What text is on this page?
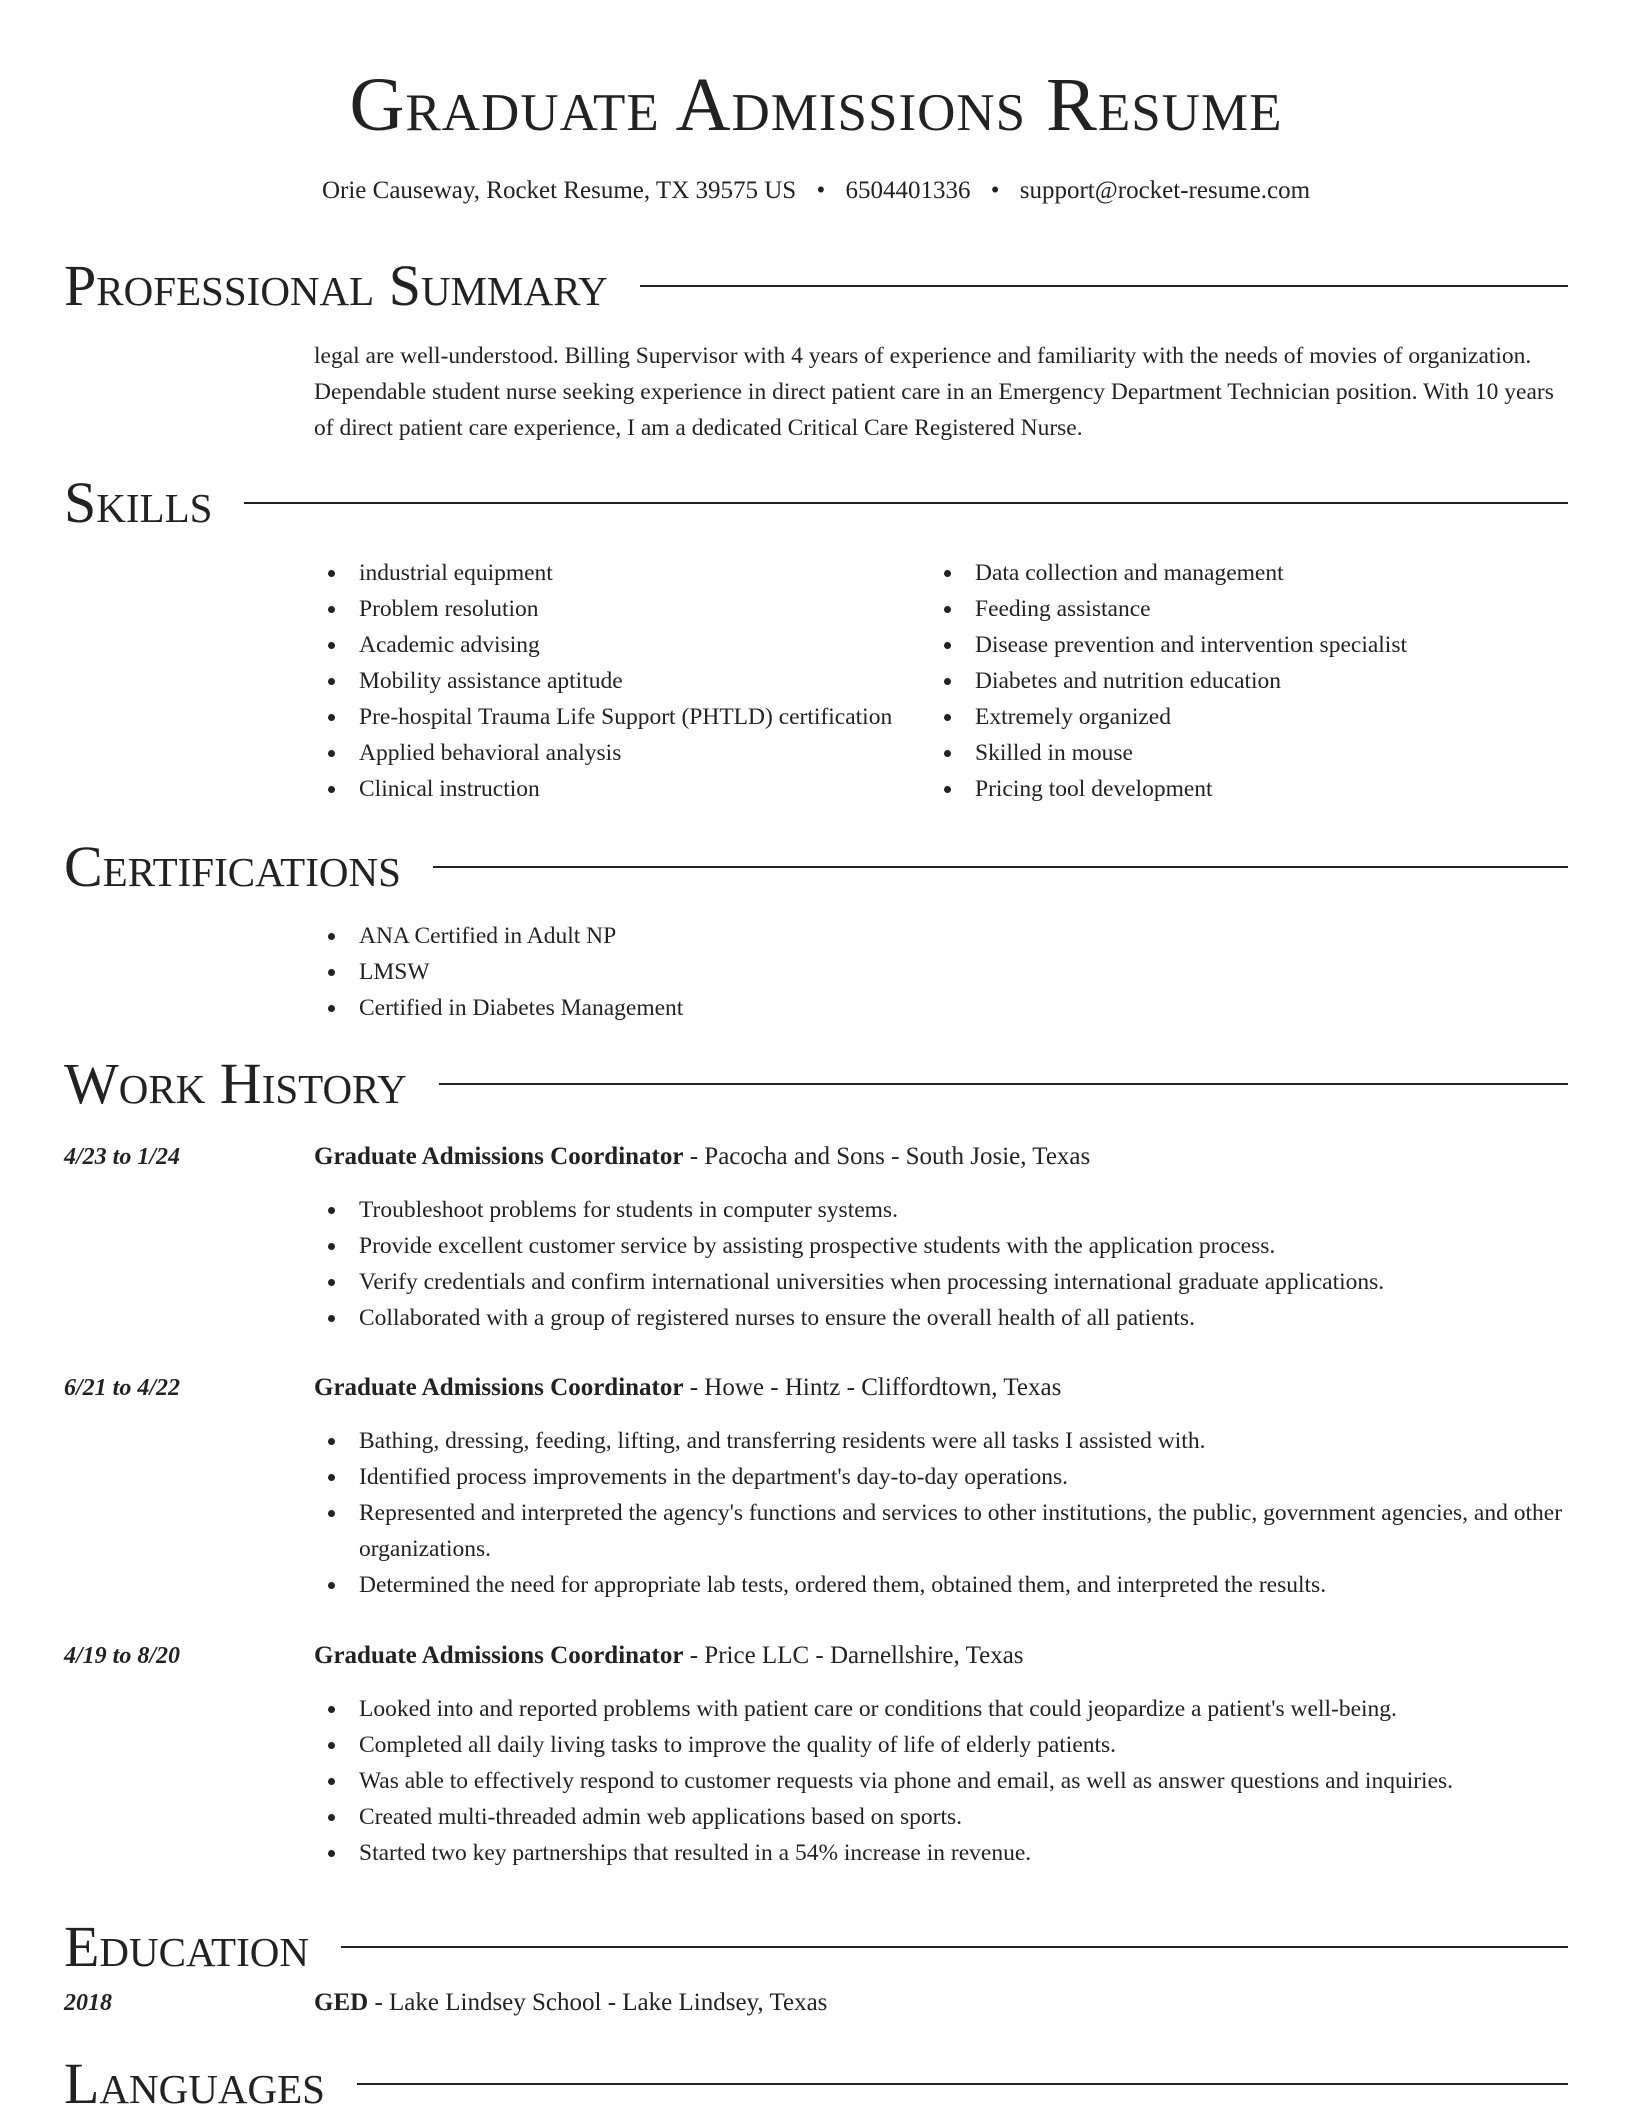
Graduate Admissions Resume
Orie Causeway, Rocket Resume, TX 39575 US • 6504401336 • support@rocket-resume.com
Professional Summary
legal are well-understood. Billing Supervisor with 4 years of experience and familiarity with the needs of movies of organization. Dependable student nurse seeking experience in direct patient care in an Emergency Department Technician position. With 10 years of direct patient care experience, I am a dedicated Critical Care Registered Nurse.
Skills
industrial equipment
Problem resolution
Academic advising
Mobility assistance aptitude
Pre-hospital Trauma Life Support (PHTLD) certification
Applied behavioral analysis
Clinical instruction
Data collection and management
Feeding assistance
Disease prevention and intervention specialist
Diabetes and nutrition education
Extremely organized
Skilled in mouse
Pricing tool development
Certifications
ANA Certified in Adult NP
LMSW
Certified in Diabetes Management
Work History
4/23 to 1/24	Graduate Admissions Coordinator - Pacocha and Sons - South Josie, Texas
Troubleshoot problems for students in computer systems.
Provide excellent customer service by assisting prospective students with the application process.
Verify credentials and confirm international universities when processing international graduate applications.
Collaborated with a group of registered nurses to ensure the overall health of all patients.
6/21 to 4/22	Graduate Admissions Coordinator - Howe - Hintz - Cliffordtown, Texas
Bathing, dressing, feeding, lifting, and transferring residents were all tasks I assisted with.
Identified process improvements in the department's day-to-day operations.
Represented and interpreted the agency's functions and services to other institutions, the public, government agencies, and other organizations.
Determined the need for appropriate lab tests, ordered them, obtained them, and interpreted the results.
4/19 to 8/20	Graduate Admissions Coordinator - Price LLC - Darnellshire, Texas
Looked into and reported problems with patient care or conditions that could jeopardize a patient's well-being.
Completed all daily living tasks to improve the quality of life of elderly patients.
Was able to effectively respond to customer requests via phone and email, as well as answer questions and inquiries.
Created multi-threaded admin web applications based on sports.
Started two key partnerships that resulted in a 54% increase in revenue.
Education
2018	GED - Lake Lindsey School - Lake Lindsey, Texas
Languages
